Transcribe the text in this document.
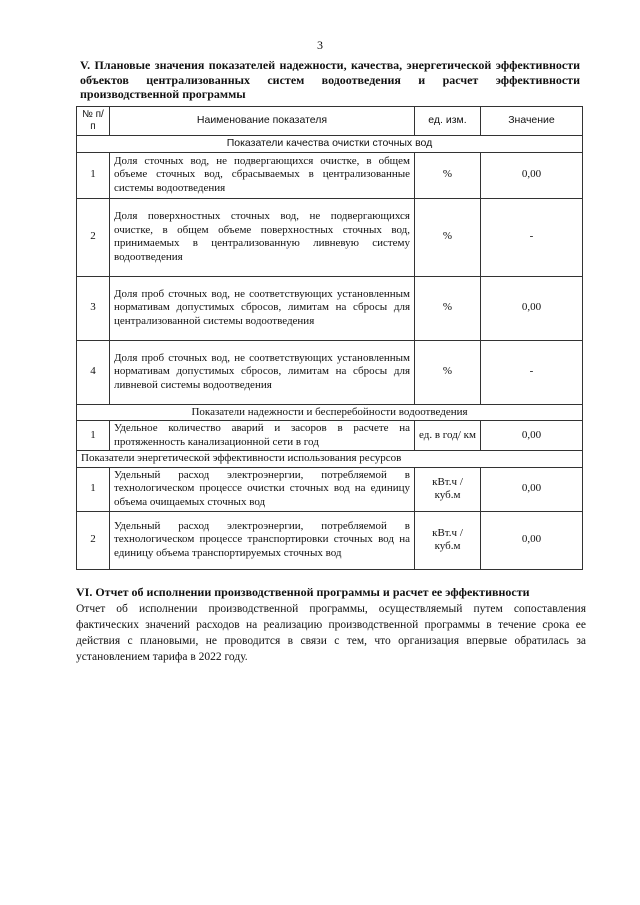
3
V. Плановые значения показателей надежности, качества, энергетической эффективности объектов централизованных систем водоотведения и расчет эффективности производственной программы
№ п/п	Наименование показателя	ед. изм.	Значение
Показатели качества очистки сточных вод			
1	Доля сточных вод, не подвергающихся очистке, в общем объеме сточных вод, сбрасываемых в централизованные системы водоотведения	%	0,00
2	Доля поверхностных сточных вод, не подвергающихся очистке, в общем объеме поверхностных сточных вод, принимаемых в централизованную ливневую систему водоотведения	%	-
3	Доля проб сточных вод, не соответствующих установленным нормативам допустимых сбросов, лимитам на сбросы для централизованной системы водоотведения	%	0,00
4	Доля проб сточных вод, не соответствующих установленным нормативам допустимых сбросов, лимитам на сбросы для ливневой системы водоотведения	%	-
Показатели надежности и бесперебойности водоотведения			
1	Удельное количество аварий и засоров в расчете на протяженность канализационной сети в год	ед. в год/ км	0,00
Показатели энергетической эффективности использования ресурсов			
1	Удельный расход электроэнергии, потребляемой в технологическом процессе очистки сточных вод на единицу объема очищаемых сточных вод	кВт.ч / куб.м	0,00
2	Удельный расход электроэнергии, потребляемой в технологическом процессе транспортировки сточных вод на единицу объема транспортируемых сточных вод	кВт.ч / куб.м	0,00
VI. Отчет об исполнении производственной программы и расчет ее эффективности
Отчет об исполнении производственной программы, осуществляемый путем сопоставления фактических значений расходов на реализацию производственной программы в течение срока ее действия с плановыми, не проводится в связи с тем, что организация впервые обратилась за установлением тарифа в 2022 году.
